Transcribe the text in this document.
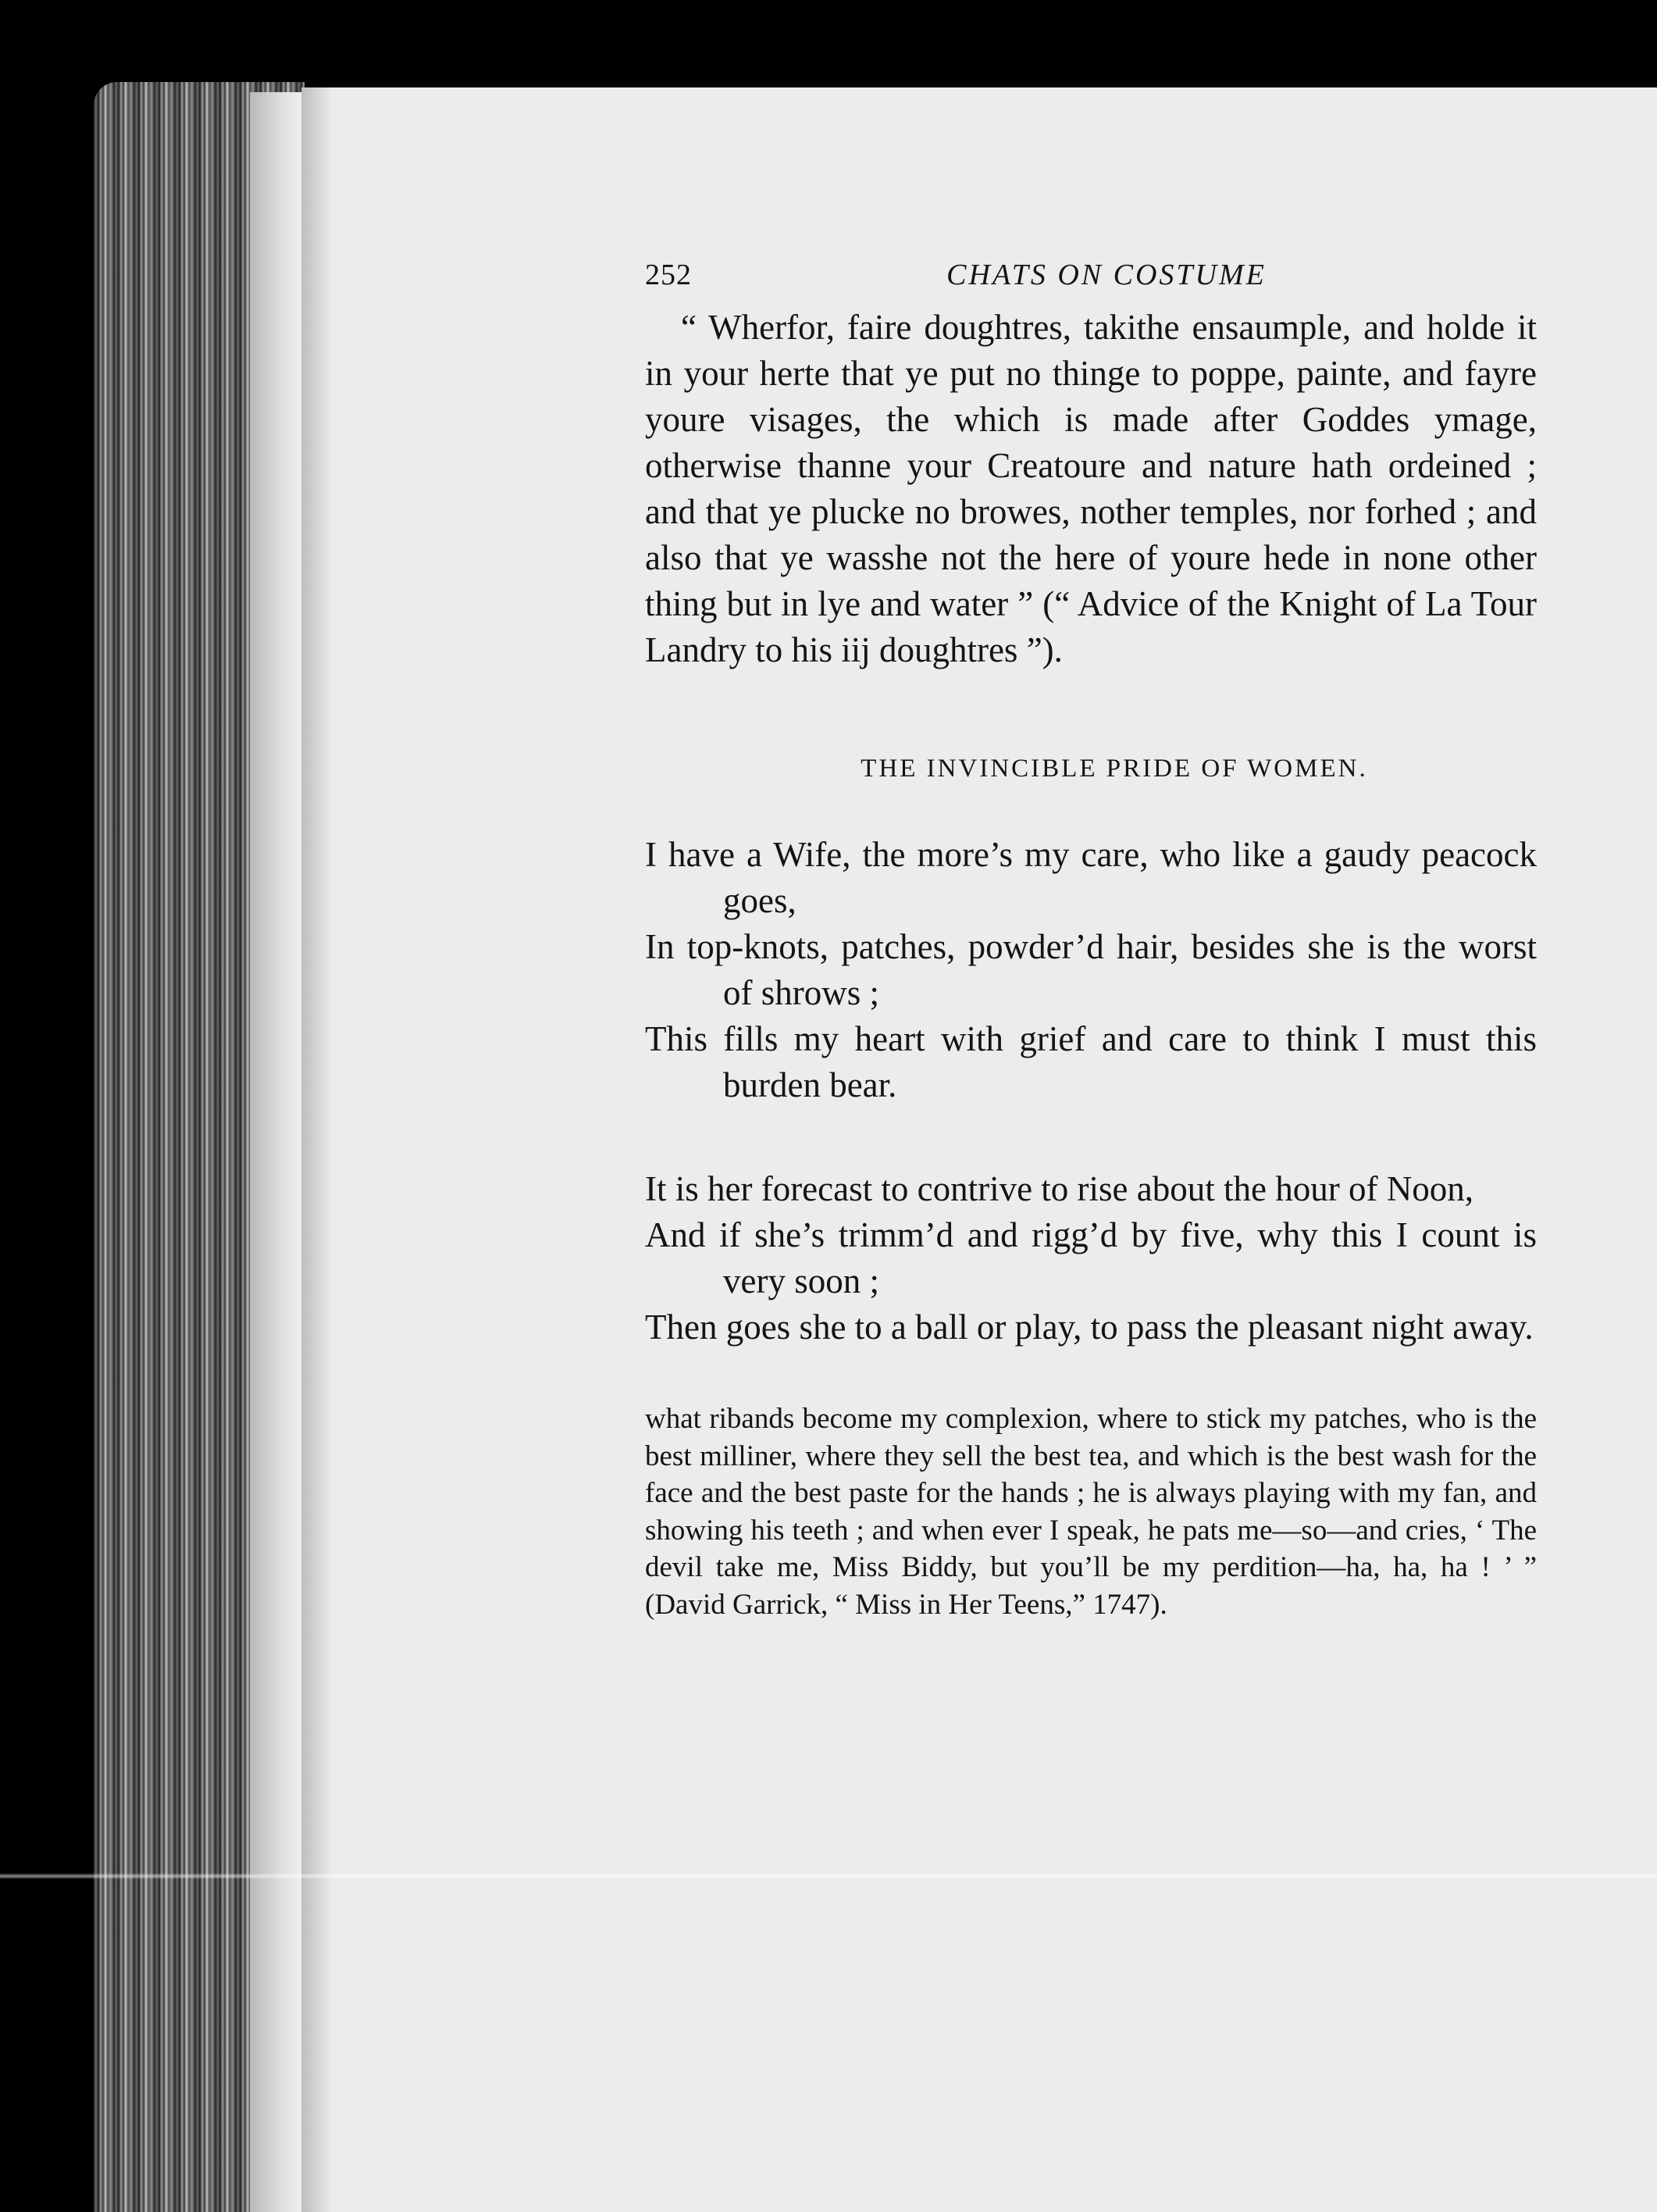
252	CHATS ON COSTUME

“ Wherfor, faire doughtres, takithe ensaumple, and holde it in your herte that ye put no thinge to poppe, painte, and fayre youre visages, the which is made after Goddes ymage, otherwise thanne your Creatoure and nature hath ordeined ; and that ye plucke no browes, nother temples, nor forhed ; and also that ye wasshe not the here of youre hede in none other thing but in lye and water ” (“ Advice of the Knight of La Tour Landry to his iij doughtres ”).

THE INVINCIBLE PRIDE OF WOMEN.
I have a Wife, the more’s my care, who like a gaudy peacock goes,
In top-knots, patches, powder’d hair, besides she is the worst of shrows ;
This fills my heart with grief and care to think I must this burden bear.
It is her forecast to contrive to rise about the hour of Noon,
And if she’s trimm’d and rigg’d by five, why this I count is very soon ;
Then goes she to a ball or play, to pass the pleasant night away.

what ribands become my complexion, where to stick my patches, who is the best milliner, where they sell the best tea, and which is the best wash for the face and the best paste for the hands ; he is always playing with my fan, and showing his teeth ; and when ever I speak, he pats me—so—and cries, ‘ The devil take me, Miss Biddy, but you’ll be my perdition—ha, ha, ha ! ’ ” (David Garrick, “ Miss in Her Teens,” 1747).
